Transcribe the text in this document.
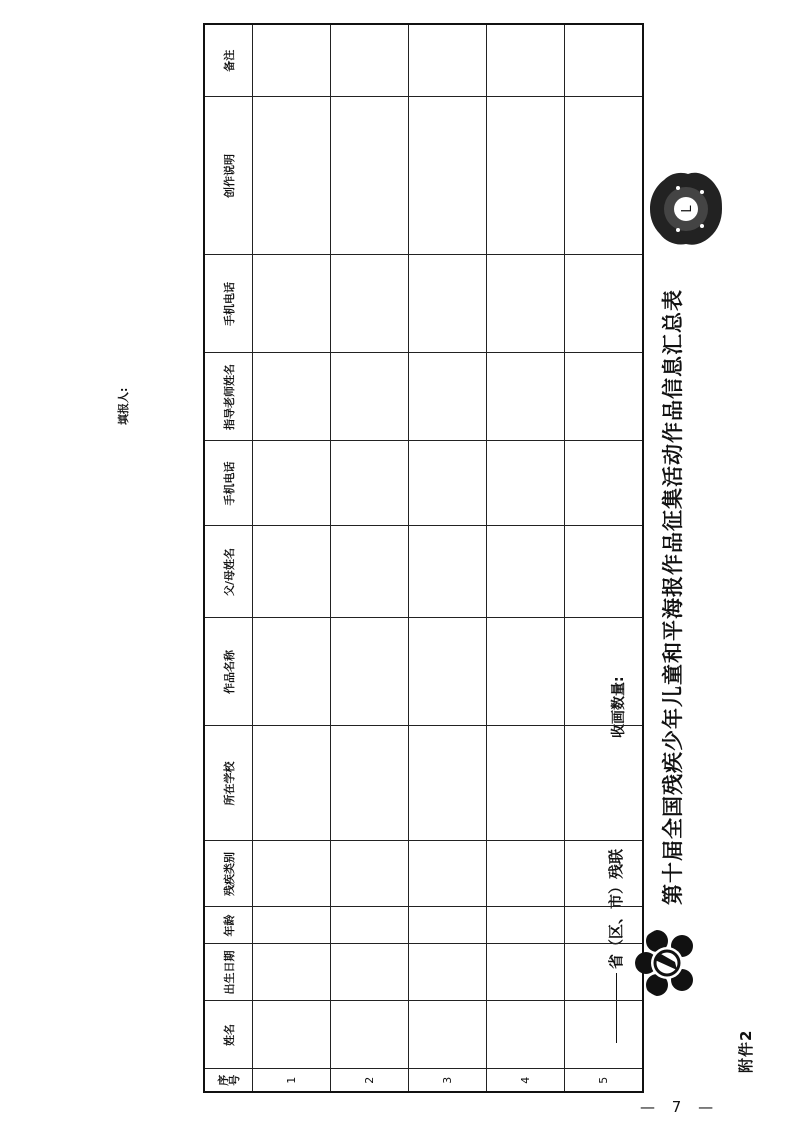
附件2
第十届全国残疾少年儿童和平海报作品征集活动作品信息汇总表
L
省（区、市）残联
收画数量:
序号	姓名	出生日期	年龄	残疾类别	所在学校	作品名称	父/母姓名	手机电话	指导老师姓名	手机电话	创作说明	备注
1												
2												
3												
4												
5												
填报人:
— 7 —
